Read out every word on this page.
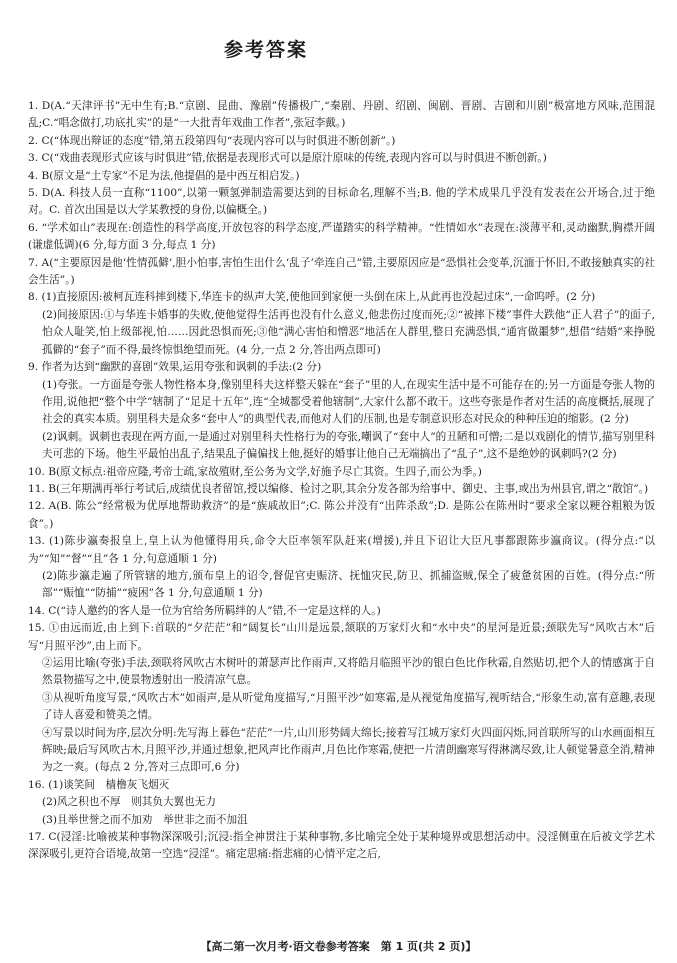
参考答案

1. D(A.“天津评书”无中生有;B.“京剧、昆曲、豫剧”传播极广,“秦剧、丹剧、绍剧、闽剧、晋剧、吉剧和川剧”极富地方风味,范围混乱;C.“唱念做打,功底扎实”的是“一大批青年戏曲工作者”,张冠李戴。)

2. C(“体现出辩证的态度”错,第五段第四句“表现内容可以与时俱进不断创新”。)

3. C(“戏曲表现形式应该与时俱进”错,依据是表现形式可以是原汁原味的传统,表现内容可以与时俱进不断创新。)

4. B(原文是“土专家”不足为法,他提倡的是中西互相启发。)

5. D(A. 科技人员一直称“1100”,以第一颗氢弹制造需要达到的目标命名,理解不当;B. 他的学术成果几乎没有发表在公开场合,过于绝对。C. 首次出国是以大学某教授的身份,以偏概全。)

6. “学术如山”表现在:创造性的科学高度,开放包容的科学态度,严谨踏实的科学精神。“性情如水”表现在:淡薄平和,灵动幽默,胸襟开阔(谦虚低调)(6 分,每方面 3 分,每点 1 分)

7. A(“主要原因是他‘性情孤僻’,胆小怕事,害怕生出什么‘乱子’牵连自己”错,主要原因应是“恐惧社会变革,沉湎于怀旧,不敢接触真实的社会生活”。)

8. (1)直接原因:被柯瓦连科摔到楼下,华连卡的纵声大笑,使他回到家便一头倒在床上,从此再也没起过床”,一命呜呼。(2 分)

(2)间接原因:①与华连卡婚事的失败,使他觉得生活再也没有什么意义,他悲伤过度而死;②“被摔下楼”事件大跌他“正人君子”的面子,怕众人耻笑,怕上级部视,怕……因此恐惧而死;③他“满心害怕和憎恶”地活在人群里,整日充满恐惧,“通宵做噩梦”,想借“结婚”来挣脱孤僻的“套子”而不得,最终惊惧绝望而死。(4 分,一点 2 分,答出两点即可)

9. 作者为达到“幽默的喜剧”效果,运用夸张和讽刺的手法:(2 分)

(1)夸张。一方面是夸张人物性格本身,像别里科夫这样整天躲在“套子”里的人,在现实生活中是不可能存在的;另一方面是夸张人物的作用,说他把“整个中学”辖制了“足足十五年”,连“全城都受着他辖制”,大家什么都不敢干。这些夸张是作者对生活的高度概括,展现了社会的真实本质。别里科夫是众多“套中人”的典型代表,而他对人们的压制,也是专制意识形态对民众的种种压迫的缩影。(2 分)

(2)讽刺。讽刺也表现在两方面,一是通过对别里科夫性格行为的夸张,嘲讽了“套中人”的丑陋和可憎;二是以戏剧化的情节,描写别里科夫可悲的下场。他生平最怕出乱子,结果乱子偏偏找上他,挺好的婚事让他自己无端搞出了“乱子”,这不是绝妙的讽刺吗?(2 分)

10. B(原文标点:祖帝应隆,考帝士疏,家故殖财,至公务为文学,好施予尽亡其资。生四子,而公为季。)

11. B(三年期满再举行考试后,成绩优良者留馆,授以编修、检讨之职,其余分发各部为给事中、御史、主事,或出为州县官,谓之“散馆”。)

12. A(B. 陈公“经常极为优厚地帮助救济”的是“族戚故旧”;C. 陈公并没有“出阵杀敌”;D. 是陈公在陈州时“要求全家以粳谷粗粮为饭食”。)

13. (1)陈步瀛奏报皇上,皇上认为他懂得用兵,命令大臣率领军队赶来(增援),并且下诏让大臣凡事都跟陈步瀛商议。(得分点:“以为”“知”“督”“且”各 1 分,句意通顺 1 分)

(2)陈步瀛走遍了所管辖的地方,颁布皇上的诏令,督促官吏赈济、抚恤灾民,防卫、抓捕盗贼,保全了疲惫贫困的百姓。(得分点:“所部”“赈恤”“防捕”“疲困”各 1 分,句意通顺 1 分)

14. C(“诗人邀约的客人是一位为官给务所羁绊的人”错,不一定是这样的人。)

15. ①由远而近,由上到下:首联的“夕茫茫”和“阔复长”山川是远景,颔联的万家灯火和“水中央”的星河是近景;颈联先写“风吹古木”后写“月照平沙”,由上而下。

②运用比喻(夸张)手法,颈联将风吹古木树叶的萧瑟声比作雨声,又将皓月临照平沙的银白色比作秋霜,自然贴切,把个人的情感寓于自然景物描写之中,使景物透射出一股清凉气息。

③从视听角度写景,“风吹古木”如雨声,是从听觉角度描写,“月照平沙”如寒霜,是从视觉角度描写,视听结合,“形象生动,富有意趣,表现了诗人喜爱和赞美之情。

④写景以时间为序,层次分明:先写海上暮色“茫茫”一片,山川形势阔大绵长;接着写江城万家灯火四面闪烁,同首联所写的山水画面相互辉映;最后写风吹古木,月照平沙,并通过想象,把风声比作雨声,月色比作寒霜,使把一片清朗幽寒写得淋漓尽致,让人顿觉暑意全消,精神为之一爽。(每点 2 分,答对三点即可,6 分)

16. (1)谈笑间　樯橹灰飞烟灭

(2)风之积也不厚　则其负大翼也无力

(3)且举世誉之而不加劝　举世非之而不加沮

17. C(浸淫:比喻被某种事物深深吸引;沉浸:指全神贯注于某种事物,多比喻完全处于某种境界或思想活动中。浸淫侧重在后被文学艺术深深吸引,更符合语境,故第一空选“浸淫”。痛定思痛:指悲痛的心情平定之后,

【高二第一次月考·语文卷参考答案　第 1 页(共 2 页)】
